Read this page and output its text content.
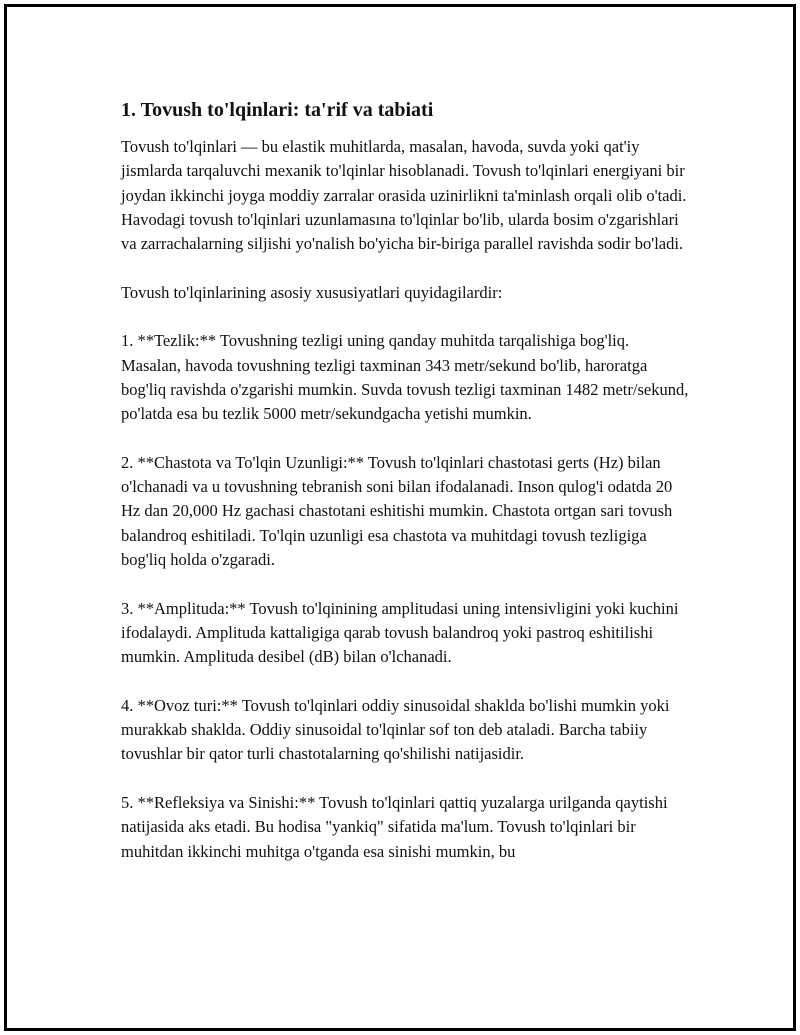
1. Tovush to'lqinlari: ta'rif va tabiati

Tovush to'lqinlari — bu elastik muhitlarda, masalan, havoda, suvda yoki qat'iy jismlarda tarqaluvchi mexanik to'lqinlar hisoblanadi. Tovush to'lqinlari energiyani bir joydan ikkinchi joyga moddiy zarralar orasida uzinirlikni ta'minlash orqali olib o'tadi. Havodagi tovush to'lqinlari uzunlamasına to'lqinlar bo'lib, ularda bosim o'zgarishlari va zarrachalarning siljishi yo'nalish bo'yicha bir-biriga parallel ravishda sodir bo'ladi.

Tovush to'lqinlarining asosiy xususiyatlari quyidagilardir:

1. **Tezlik:** Tovushning tezligi uning qanday muhitda tarqalishiga bog'liq. Masalan, havoda tovushning tezligi taxminan 343 metr/sekund bo'lib, haroratga bog'liq ravishda o'zgarishi mumkin. Suvda tovush tezligi taxminan 1482 metr/sekund, po'latda esa bu tezlik 5000 metr/sekundgacha yetishi mumkin.

2. **Chastota va To'lqin Uzunligi:** Tovush to'lqinlari chastotasi gerts (Hz) bilan o'lchanadi va u tovushning tebranish soni bilan ifodalanadi. Inson qulog'i odatda 20 Hz dan 20,000 Hz gachasi chastotani eshitishi mumkin. Chastota ortgan sari tovush balandroq eshitiladi. To'lqin uzunligi esa chastota va muhitdagi tovush tezligiga bog'liq holda o'zgaradi.

3. **Amplituda:** Tovush to'lqinining amplitudasi uning intensivligini yoki kuchini ifodalaydi. Amplituda kattaligiga qarab tovush balandroq yoki pastroq eshitilishi mumkin. Amplituda desibel (dB) bilan o'lchanadi.

4. **Ovoz turi:** Tovush to'lqinlari oddiy sinusoidal shaklda bo'lishi mumkin yoki murakkab shaklda. Oddiy sinusoidal to'lqinlar sof ton deb ataladi. Barcha tabiiy tovushlar bir qator turli chastotalarning qo'shilishi natijasidir.

5. **Refleksiya va Sinishi:** Tovush to'lqinlari qattiq yuzalarga urilganda qaytishi natijasida aks etadi. Bu hodisa "yankiq" sifatida ma'lum. Tovush to'lqinlari bir muhitdan ikkinchi muhitga o'tganda esa sinishi mumkin, bu
